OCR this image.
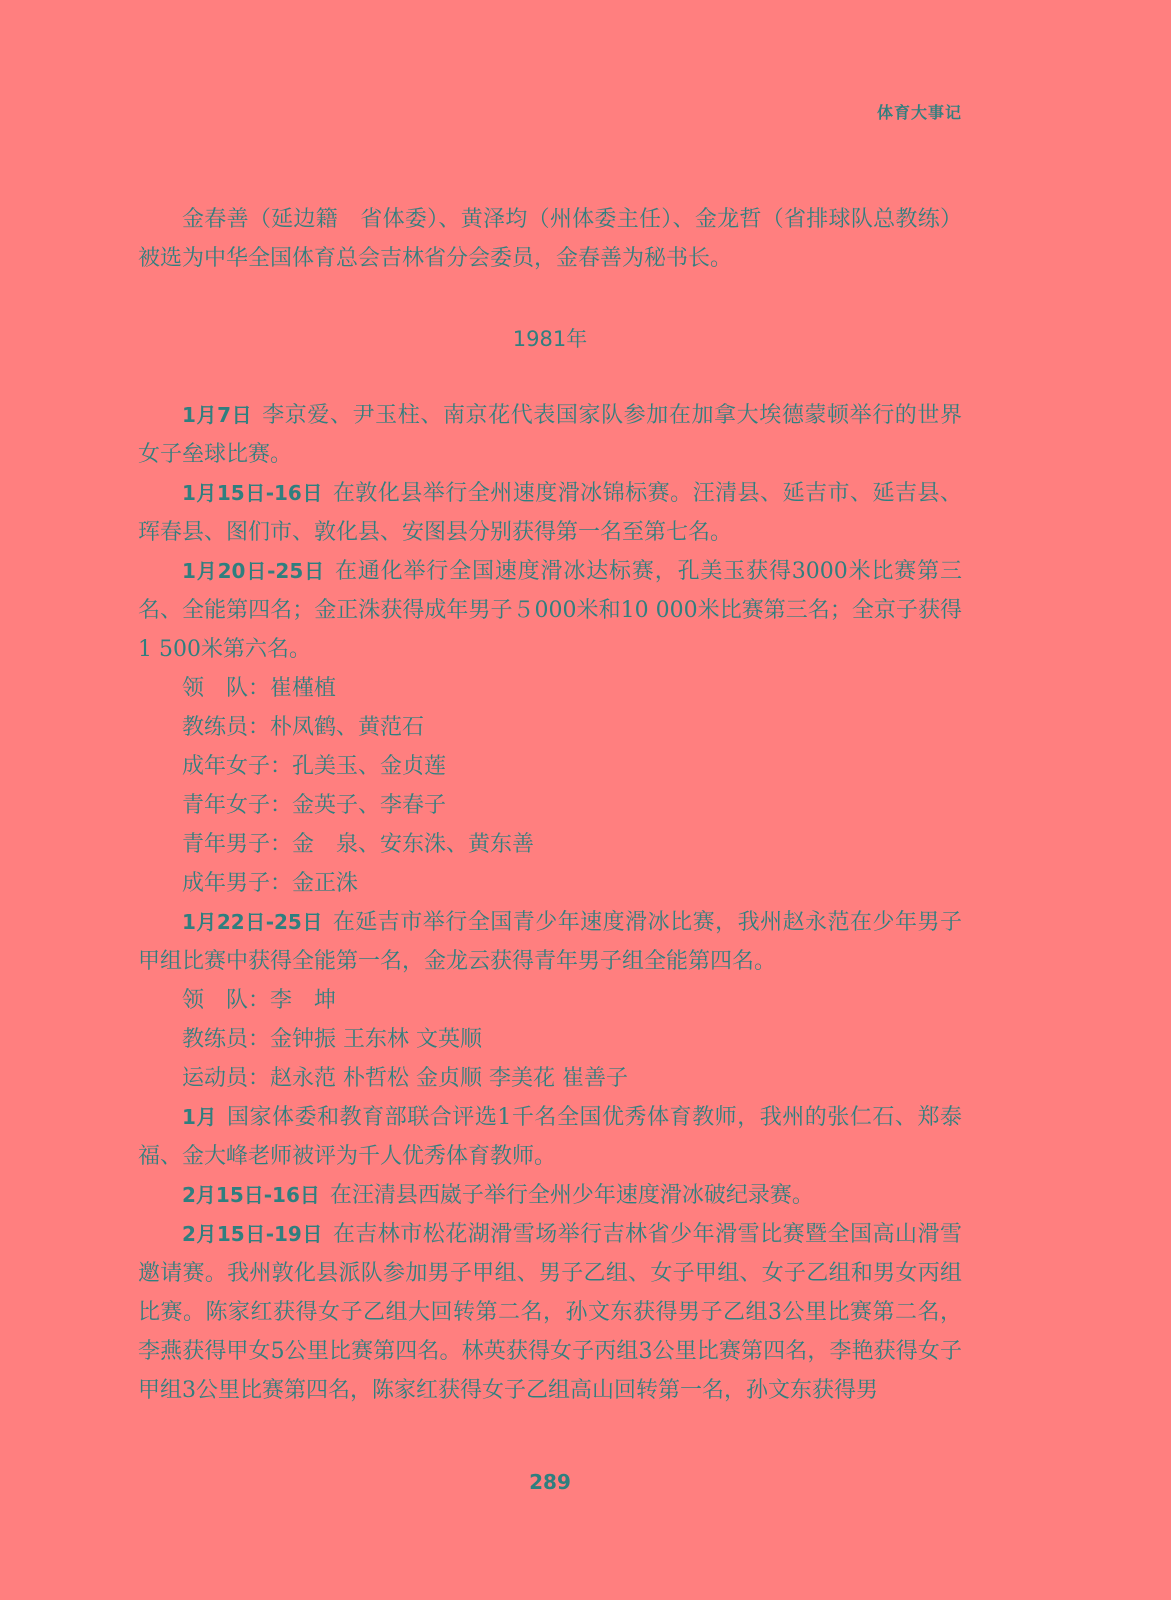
体育大事记

金春善（延边籍　省体委）、黄泽均（州体委主任）、金龙哲（省排球队总教练）被选为中华全国体育总会吉林省分会委员，金春善为秘书长。

1981年

1月7日 李京爱、尹玉柱、南京花代表国家队参加在加拿大埃德蒙顿举行的世界女子垒球比赛。

1月15日-16日 在敦化县举行全州速度滑冰锦标赛。汪清县、延吉市、延吉县、珲春县、图们市、敦化县、安图县分别获得第一名至第七名。

1月20日-25日 在通化举行全国速度滑冰达标赛，孔美玉获得3000米比赛第三名、全能第四名；金正洙获得成年男子５000米和10 000米比赛第三名；全京子获得1 500米第六名。

领　队：崔槿植

教练员：朴凤鹤、黄范石

成年女子：孔美玉、金贞莲

青年女子：金英子、李春子

青年男子：金　泉、安东洙、黄东善

成年男子：金正洙

1月22日-25日 在延吉市举行全国青少年速度滑冰比赛，我州赵永范在少年男子甲组比赛中获得全能第一名，金龙云获得青年男子组全能第四名。

领　队：李　坤

教练员：金钟振 王东林 文英顺

运动员：赵永范 朴哲松 金贞顺 李美花 崔善子

1月 国家体委和教育部联合评选1千名全国优秀体育教师，我州的张仁石、郑泰福、金大峰老师被评为千人优秀体育教师。

2月15日-16日 在汪清县西崴子举行全州少年速度滑冰破纪录赛。

2月15日-19日 在吉林市松花湖滑雪场举行吉林省少年滑雪比赛暨全国高山滑雪邀请赛。我州敦化县派队参加男子甲组、男子乙组、女子甲组、女子乙组和男女丙组比赛。陈家红获得女子乙组大回转第二名，孙文东获得男子乙组3公里比赛第二名，李燕获得甲女5公里比赛第四名。林英获得女子丙组3公里比赛第四名，李艳获得女子甲组3公里比赛第四名，陈家红获得女子乙组高山回转第一名，孙文东获得男

289
